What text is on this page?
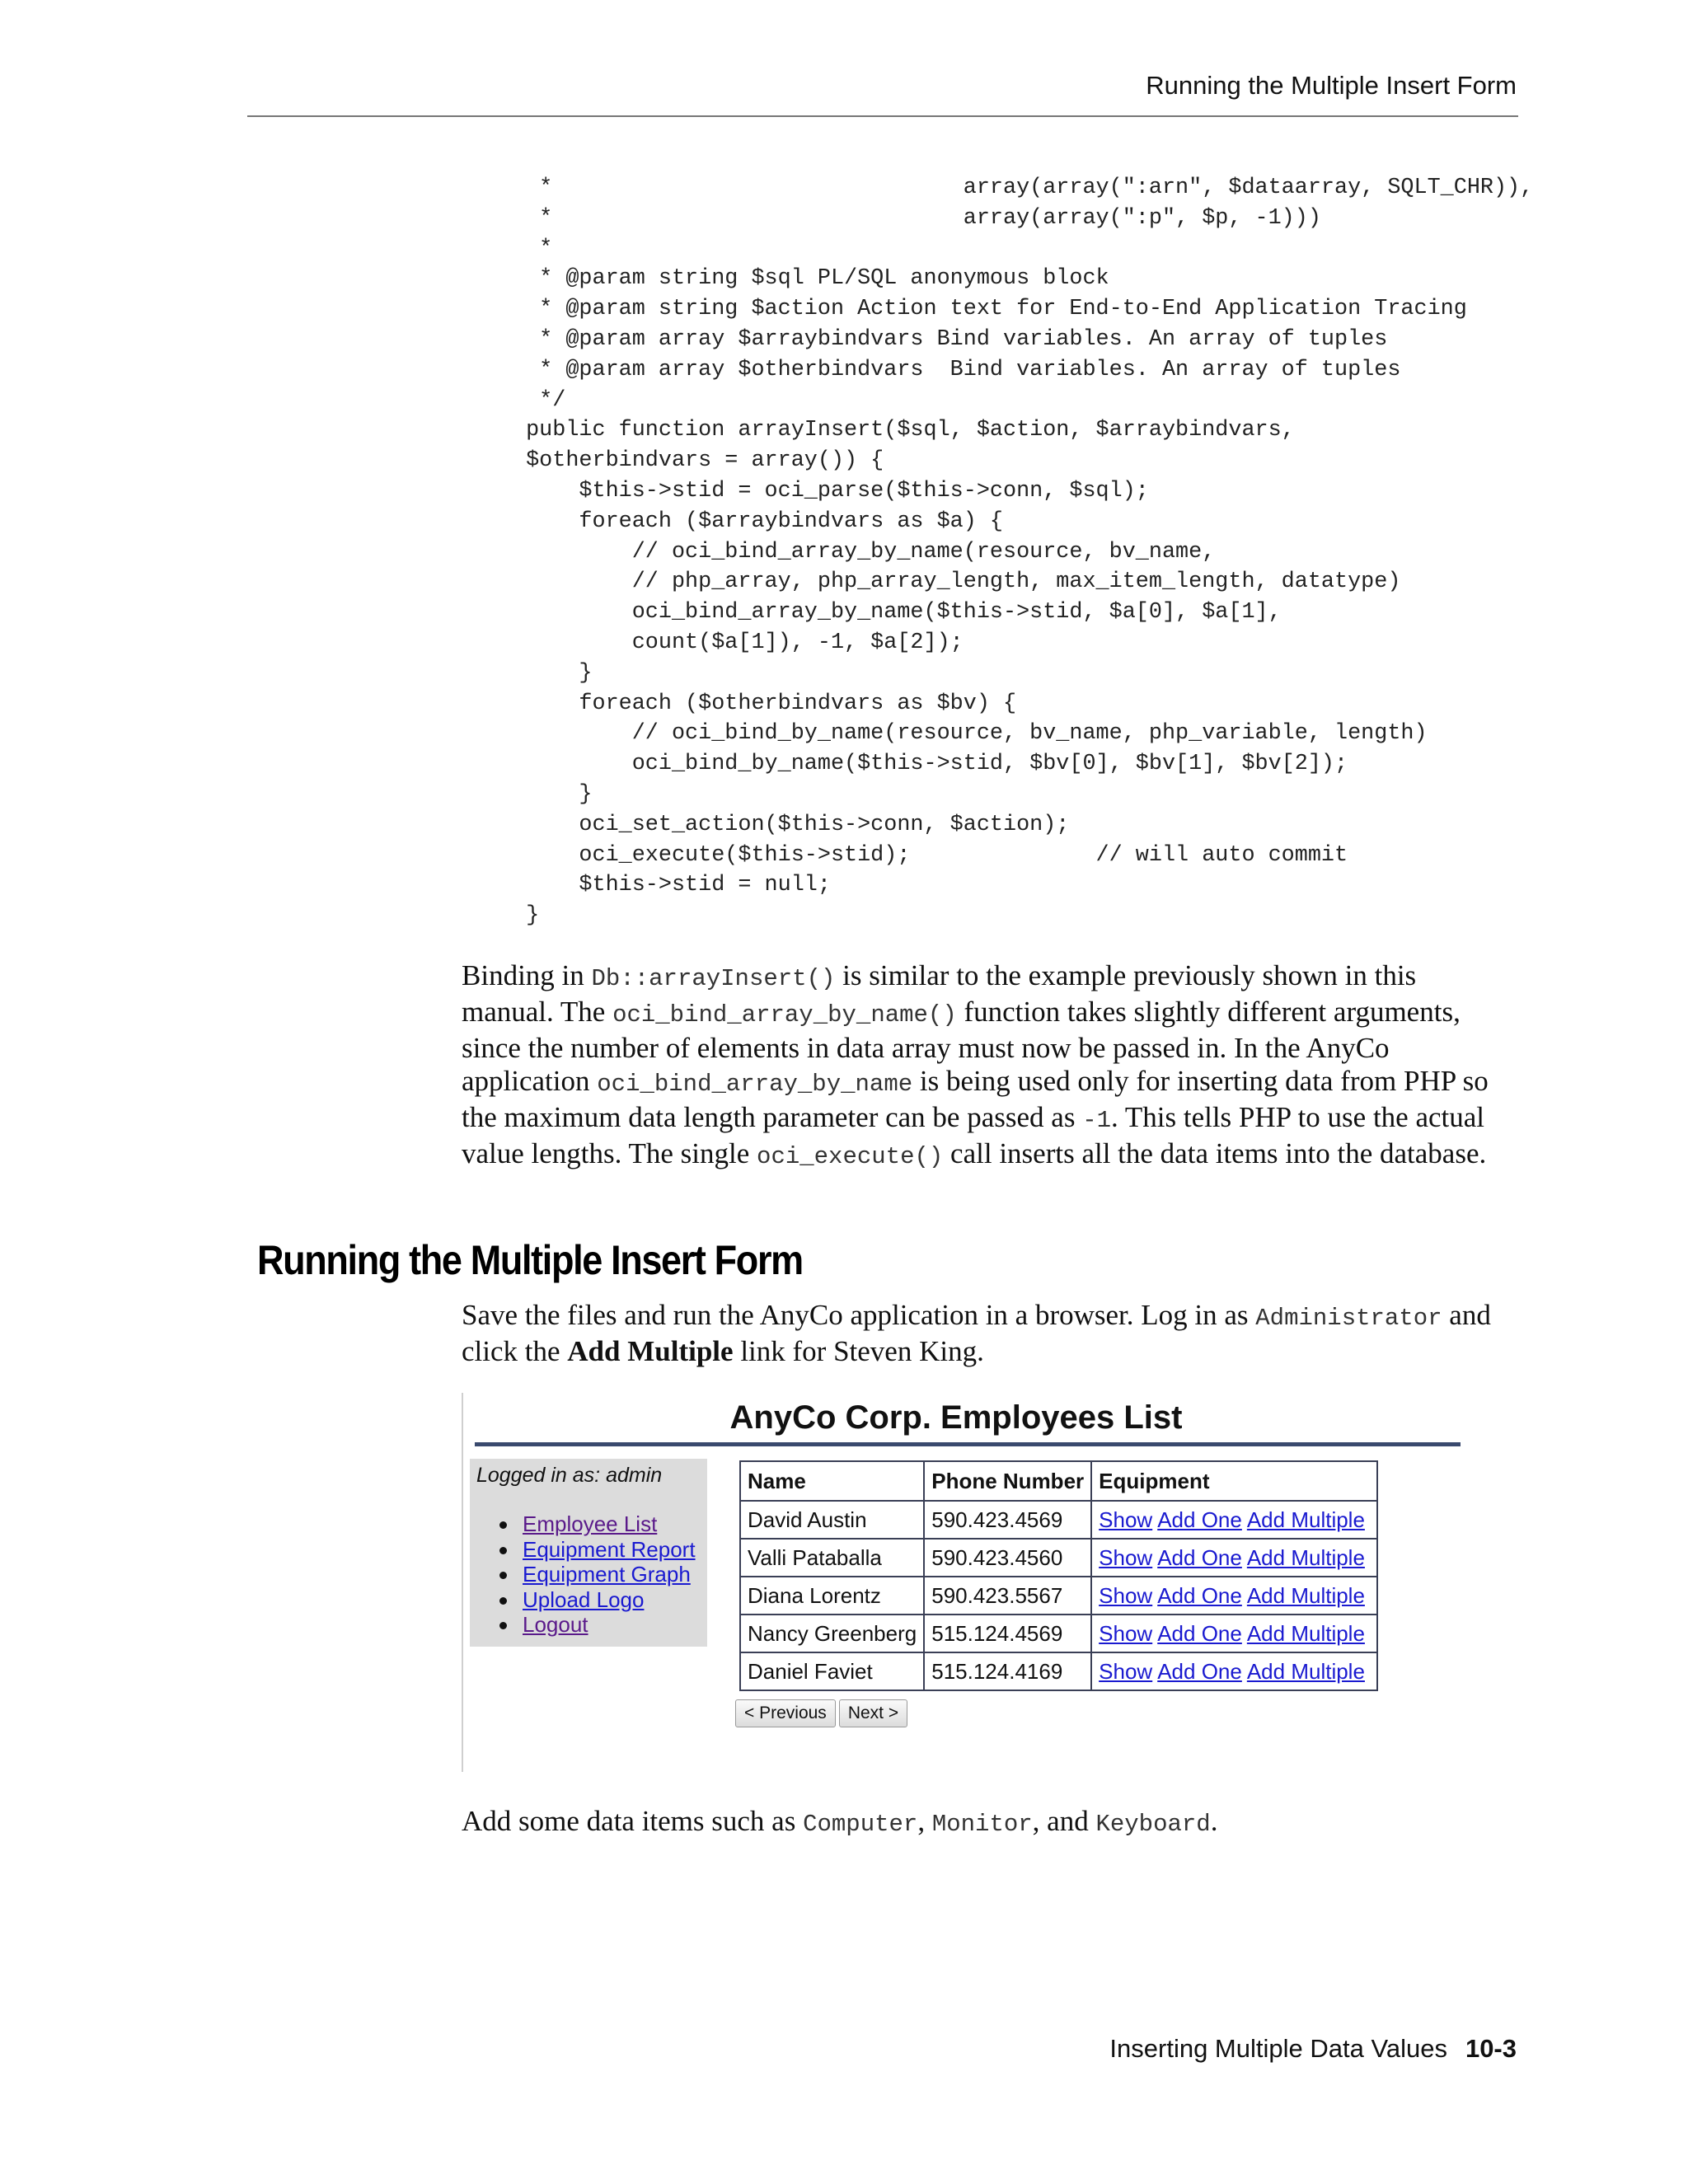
Running the Multiple Insert Form
*                               array(array(":arn", $dataarray, SQLT_CHR)),
*                               array(array(":p", $p, -1)))
*
* @param string $sql PL/SQL anonymous block
* @param string $action Action text for End-to-End Application Tracing
* @param array $arraybindvars Bind variables. An array of tuples
* @param array $otherbindvars  Bind variables. An array of tuples
*/
public function arrayInsert($sql, $action, $arraybindvars,
$otherbindvars = array()) {
$this->stid = oci_parse($this->conn, $sql);
foreach ($arraybindvars as $a) {
// oci_bind_array_by_name(resource, bv_name,
// php_array, php_array_length, max_item_length, datatype)
oci_bind_array_by_name($this->stid, $a[0], $a[1],
count($a[1]), -1, $a[2]);
}
foreach ($otherbindvars as $bv) {
// oci_bind_by_name(resource, bv_name, php_variable, length)
oci_bind_by_name($this->stid, $bv[0], $bv[1], $bv[2]);
}
oci_set_action($this->conn, $action);
oci_execute($this->stid);              // will auto commit
$this->stid = null;
}

Binding in Db::arrayInsert() is similar to the example previously shown in this manual. The oci_bind_array_by_name() function takes slightly different arguments, since the number of elements in data array must now be passed in. In the AnyCo application oci_bind_array_by_name is being used only for inserting data from PHP so the maximum data length parameter can be passed as -1. This tells PHP to use the actual value lengths. The single oci_execute() call inserts all the data items into the database.

Running the Multiple Insert Form

Save the files and run the AnyCo application in a browser. Log in as Administrator and click the Add Multiple link for Steven King.

AnyCo Corp. Employees List
Logged in as: admin
Employee List
Equipment Report
Equipment Graph
Upload Logo
Logout
Name	Phone Number	Equipment
David Austin	590.423.4569	Show Add One Add Multiple
Valli Pataballa	590.423.4560	Show Add One Add Multiple
Diana Lorentz	590.423.5567	Show Add One Add Multiple
Nancy Greenberg	515.124.4569	Show Add One Add Multiple
Daniel Faviet	515.124.4169	Show Add One Add Multiple
< Previous Next >

Add some data items such as Computer, Monitor, and Keyboard.

Inserting Multiple Data Values 10-3
